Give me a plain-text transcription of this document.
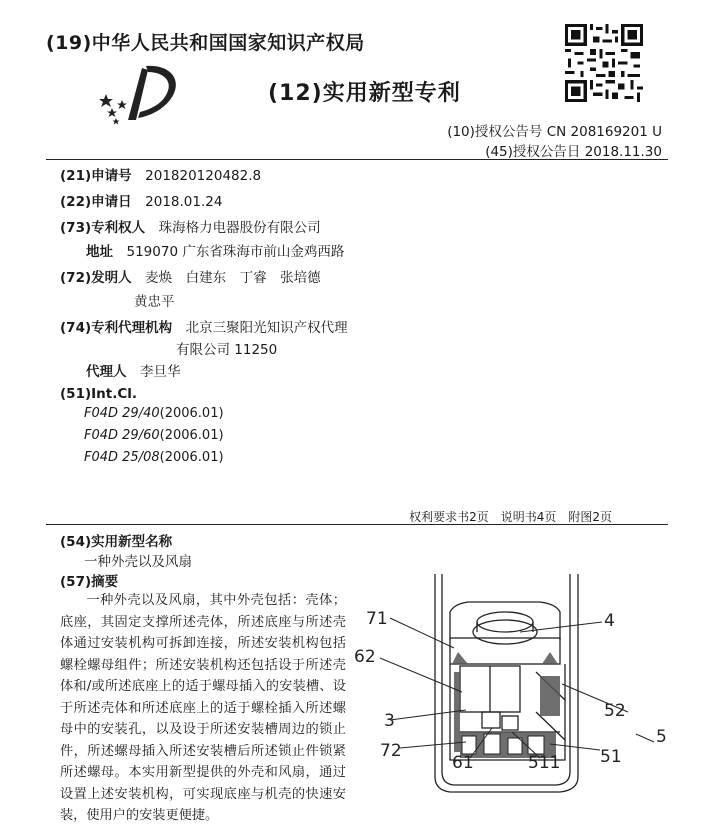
(19)中华人民共和国国家知识产权局
(12)实用新型专利
(10)授权公告号 CN 208169201 U
(45)授权公告日 2018.11.30
(21)申请号　 201820120482.8
(22)申请日　 2018.01.24
(73)专利权人　 珠海格力电器股份有限公司
地址　 519070 广东省珠海市前山金鸡西路
(72)发明人　 麦焕　白建东　丁睿　张培德
黄忠平
(74)专利代理机构　 北京三聚阳光知识产权代理
有限公司 11250
代理人　 李旦华
(51)Int.Cl.
F04D 29/40(2006.01)
F04D 29/60(2006.01)
F04D 25/08(2006.01)
权利要求书2页　说明书4页　附图2页
(54)实用新型名称
一种外壳以及风扇
(57)摘要
一种外壳以及风扇，其中外壳包括：壳体；底座，其固定支撑所述壳体，所述底座与所述壳体通过安装机构可拆卸连接，所述安装机构包括螺栓螺母组件；所述安装机构还包括设于所述壳体和/或所述底座上的适于螺母插入的安装槽、设于所述壳体和所述底座上的适于螺栓插入所述螺母中的安装孔，以及设于所述安装槽周边的锁止件，所述螺母插入所述安装槽后所述锁止件锁紧所述螺母。本实用新型提供的外壳和风扇，通过设置上述安装机构，可实现底座与机壳的快速安装，使用户的安装更便捷。
71	4
62
52
3
5
72
61	511 51
